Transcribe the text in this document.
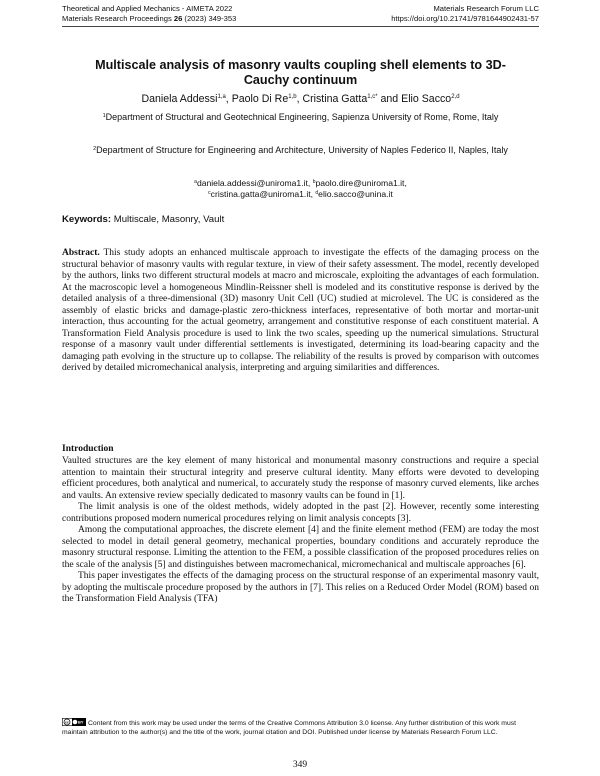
Theoretical and Applied Mechanics - AIMETA 2022	Materials Research Forum LLC
Materials Research Proceedings 26 (2023) 349-353	https://doi.org/10.21741/9781644902431-57
Multiscale analysis of masonry vaults coupling shell elements to 3D-
Cauchy continuum
Daniela Addessi$^{1,a}$, Paolo Di Re$^{1,b}$, Cristina Gatta$^{1,c*}$ and Elio Sacco$^{2,d}$
$^1$Department of Structural and Geotechnical Engineering, Sapienza University of Rome, Rome, Italy
$^2$Department of Structure for Engineering and Architecture, University of Naples Federico II, Naples, Italy
$^a$daniela.addessi@uniroma1.it, $^b$paolo.dire@uniroma1.it,
$^c$cristina.gatta@uniroma1.it, $^d$elio.sacco@unina.it
Keywords: Multiscale, Masonry, Vault
Abstract. This study adopts an enhanced multiscale approach to investigate the effects of the damaging process on the structural behavior of masonry vaults with regular texture, in view of their safety assessment. The model, recently developed by the authors, links two different structural models at macro and microscale, exploiting the advantages of each formulation. At the macroscopic level a homogeneous Mindlin-Reissner shell is modeled and its constitutive response is derived by the detailed analysis of a three-dimensional (3D) masonry Unit Cell (UC) studied at microlevel. The UC is considered as the assembly of elastic bricks and damage-plastic zero-thickness interfaces, representative of both mortar and mortar-unit interaction, thus accounting for the actual geometry, arrangement and constitutive response of each constituent material. A Transformation Field Analysis procedure is used to link the two scales, speeding up the numerical simulations. Structural response of a masonry vault under differential settlements is investigated, determining its load-bearing capacity and the damaging path evolving in the structure up to collapse. The reliability of the results is proved by comparison with outcomes derived by detailed micromechanical analysis, interpreting and arguing similarities and differences.
Introduction

Vaulted structures are the key element of many historical and monumental masonry constructions and require a special attention to maintain their structural integrity and preserve cultural identity. Many efforts were devoted to developing efficient procedures, both analytical and numerical, to accurately study the response of masonry curved elements, like arches and vaults. An extensive review specially dedicated to masonry vaults can be found in [1].

The limit analysis is one of the oldest methods, widely adopted in the past [2]. However, recently some interesting contributions proposed modern numerical procedures relying on limit analysis concepts [3].

Among the computational approaches, the discrete element [4] and the finite element method (FEM) are today the most selected to model in detail general geometry, mechanical properties, boundary conditions and accurately reproduce the masonry structural response. Limiting the attention to the FEM, a possible classification of the proposed procedures relies on the scale of the analysis [5] and distinguishes between macromechanical, micromechanical and multiscale approaches [6].

This paper investigates the effects of the damaging process on the structural response of an experimental masonry vault, by adopting the multiscale procedure proposed by the authors in [7]. This relies on a Reduced Order Model (ROM) based on the Transformation Field Analysis (TFA)

cc BY Content from this work may be used under the terms of the Creative Commons Attribution 3.0 license. Any further distribution of this work must maintain attribution to the author(s) and the title of the work, journal citation and DOI. Published under license by Materials Research Forum LLC.
349
